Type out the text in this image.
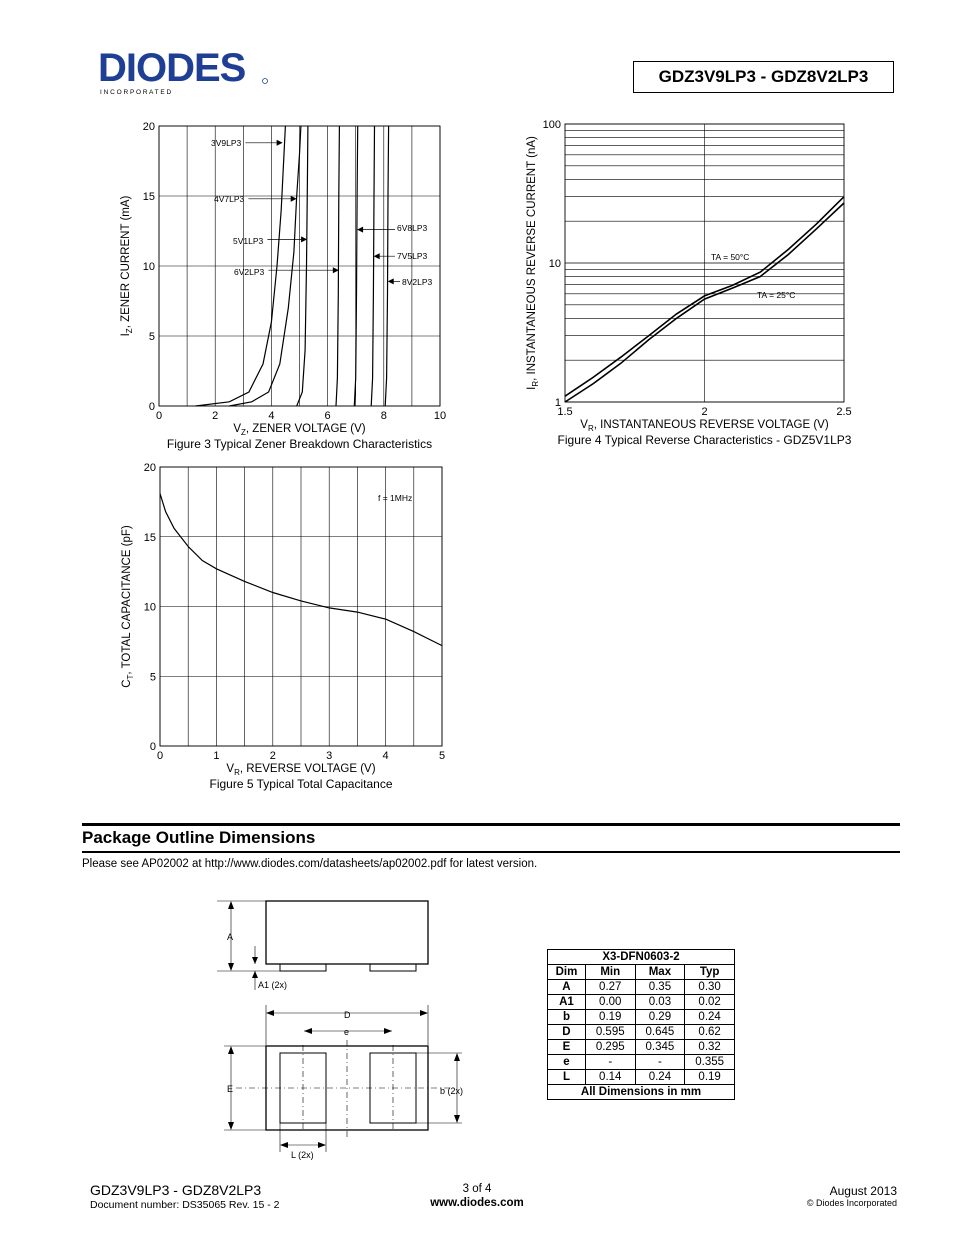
DIODES
I N C O R P O R A T E D
GDZ3V9LP3 - GDZ8V2LP3
0	2	4	6	8	10
0
5
10
15
20
$V_Z$, ZENER VOLTAGE (V)
$I_Z$, ZENER CURRENT (mA)
Figure 3 Typical Zener Breakdown Characteristics
1.5	2	2.5
1
10
100
$V_R$, INSTANTANEOUS REVERSE VOLTAGE (V)
$I_R$, INSTANTANEOUS REVERSE CURRENT (nA)
Figure 4 Typical Reverse Characteristics - GDZ5V1LP3
0	1	2	3	4	5
0
5
10
15
20
$V_R$, REVERSE VOLTAGE (V)
$C_T$, TOTAL CAPACITANCE (pF)
Figure 5 Typical Total Capacitance
3V9LP3
4V7LP3
5V1LP3
6V2LP3
6V8LP3
7V5LP3
8V2LP3
TA = 50°C
TA = 25°C
f = 1MHz
Package Outline Dimensions
Please see AP02002 at http://www.diodes.com/datasheets/ap02002.pdf for latest version.
A
A1 (2x)
D
e
E	b (2x)
L (2x)
X3-DFN0603-2			
Dim	Min	Max	Typ
A	0.27	0.35	0.30
A1	0.00	0.03	0.02
b	0.19	0.29	0.24
D	0.595	0.645	0.62
E	0.295	0.345	0.32
e	-	-	0.355
L	0.14	0.24	0.19
All Dimensions in mm			
GDZ3V9LP3 - GDZ8V2LP3
Document number: DS35065 Rev. 15 - 2
3 of 4
www.diodes.com
August 2013
© Diodes Incorporated
